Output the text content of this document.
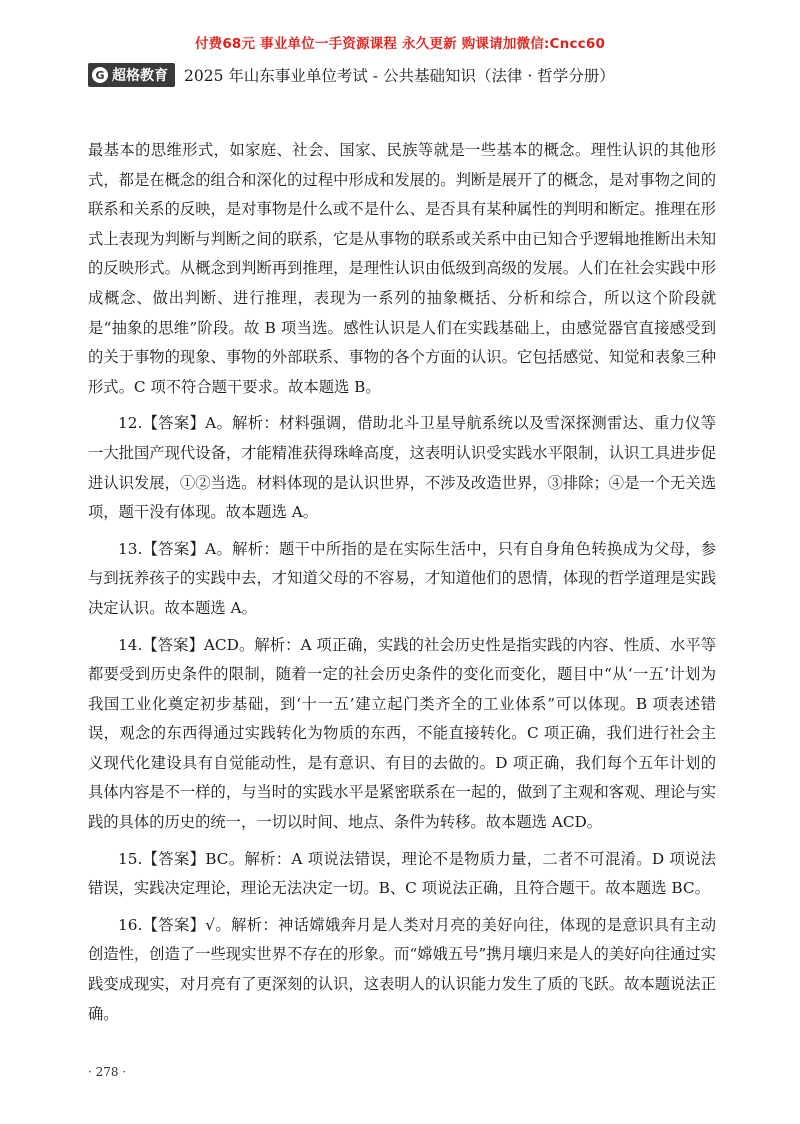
付费68元 事业单位一手资源课程 永久更新 购课请加微信:Cncc60
G 超格教育 2025 年山东事业单位考试 - 公共基础知识（法律 · 哲学分册）

最基本的思维形式，如家庭、社会、国家、民族等就是一些基本的概念。理性认识的其他形式，都是在概念的组合和深化的过程中形成和发展的。判断是展开了的概念，是对事物之间的联系和关系的反映，是对事物是什么或不是什么、是否具有某种属性的判明和断定。推理在形式上表现为判断与判断之间的联系，它是从事物的联系或关系中由已知合乎逻辑地推断出未知的反映形式。从概念到判断再到推理，是理性认识由低级到高级的发展。人们在社会实践中形成概念、做出判断、进行推理，表现为一系列的抽象概括、分析和综合，所以这个阶段就是“抽象的思维”阶段。故 B 项当选。感性认识是人们在实践基础上，由感觉器官直接感受到的关于事物的现象、事物的外部联系、事物的各个方面的认识。它包括感觉、知觉和表象三种形式。C 项不符合题干要求。故本题选 B。

12.【答案】A。解析：材料强调，借助北斗卫星导航系统以及雪深探测雷达、重力仪等一大批国产现代设备，才能精准获得珠峰高度，这表明认识受实践水平限制，认识工具进步促进认识发展，①②当选。材料体现的是认识世界，不涉及改造世界，③排除；④是一个无关选项，题干没有体现。故本题选 A。

13.【答案】A。解析：题干中所指的是在实际生活中，只有自身角色转换成为父母，参与到抚养孩子的实践中去，才知道父母的不容易，才知道他们的恩情，体现的哲学道理是实践决定认识。故本题选 A。

14.【答案】ACD。解析：A 项正确，实践的社会历史性是指实践的内容、性质、水平等都要受到历史条件的限制，随着一定的社会历史条件的变化而变化，题目中“从‘一五’计划为我国工业化奠定初步基础，到‘十一五’建立起门类齐全的工业体系”可以体现。B 项表述错误，观念的东西得通过实践转化为物质的东西，不能直接转化。C 项正确，我们进行社会主义现代化建设具有自觉能动性，是有意识、有目的去做的。D 项正确，我们每个五年计划的具体内容是不一样的，与当时的实践水平是紧密联系在一起的，做到了主观和客观、理论与实践的具体的历史的统一，一切以时间、地点、条件为转移。故本题选 ACD。

15.【答案】BC。解析：A 项说法错误，理论不是物质力量，二者不可混淆。D 项说法错误，实践决定理论，理论无法决定一切。B、C 项说法正确，且符合题干。故本题选 BC。

16.【答案】√。解析：神话嫦娥奔月是人类对月亮的美好向往，体现的是意识具有主动创造性，创造了一些现实世界不存在的形象。而“嫦娥五号”携月壤归来是人的美好向往通过实践变成现实，对月亮有了更深刻的认识，这表明人的认识能力发生了质的飞跃。故本题说法正确。

· 278 ·
